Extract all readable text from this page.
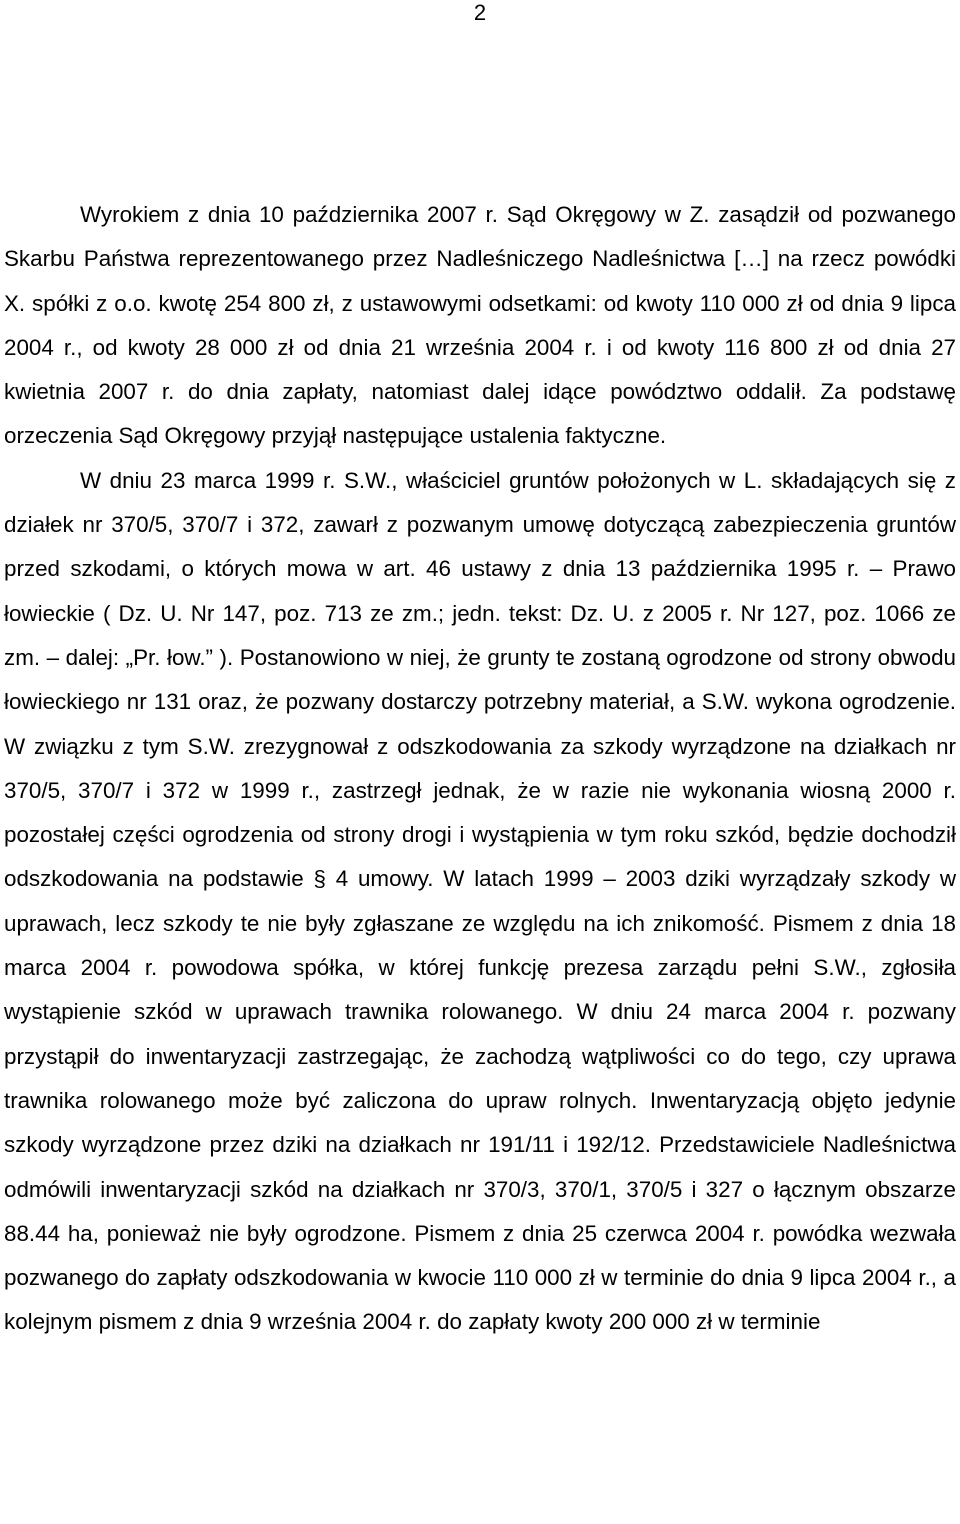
2

Wyrokiem z dnia 10 października 2007 r. Sąd Okręgowy w Z. zasądził od pozwanego Skarbu Państwa reprezentowanego przez Nadleśniczego Nadleśnictwa […] na rzecz powódki X. spółki z o.o. kwotę 254 800 zł, z ustawowymi odsetkami: od kwoty 110 000 zł od dnia 9 lipca 2004 r., od kwoty 28 000 zł od dnia 21 września 2004 r. i od kwoty 116 800 zł od dnia 27 kwietnia 2007 r. do dnia zapłaty, natomiast dalej idące powództwo oddalił. Za podstawę orzeczenia Sąd Okręgowy przyjął następujące ustalenia faktyczne.

W dniu 23 marca 1999 r. S.W., właściciel gruntów położonych w L. składających się z działek nr 370/5, 370/7 i 372, zawarł z pozwanym umowę dotyczącą zabezpieczenia gruntów przed szkodami, o których mowa w art. 46 ustawy z dnia 13 października 1995 r. – Prawo łowieckie ( Dz. U. Nr 147, poz. 713 ze zm.; jedn. tekst: Dz. U. z 2005 r. Nr 127, poz. 1066 ze zm. – dalej: „Pr. łow.” ). Postanowiono w niej, że grunty te zostaną ogrodzone od strony obwodu łowieckiego nr 131 oraz, że pozwany dostarczy potrzebny materiał, a S.W. wykona ogrodzenie. W związku z tym S.W. zrezygnował z odszkodowania za szkody wyrządzone na działkach nr 370/5, 370/7 i 372 w 1999 r., zastrzegł jednak, że w razie nie wykonania wiosną 2000 r. pozostałej części ogrodzenia od strony drogi i wystąpienia w tym roku szkód, będzie dochodził odszkodowania na podstawie § 4 umowy. W latach 1999 – 2003 dziki wyrządzały szkody w uprawach, lecz szkody te nie były zgłaszane ze względu na ich znikomość. Pismem z dnia 18 marca 2004 r. powodowa spółka, w której funkcję prezesa zarządu pełni S.W., zgłosiła wystąpienie szkód w uprawach trawnika rolowanego. W dniu 24 marca 2004 r. pozwany przystąpił do inwentaryzacji zastrzegając, że zachodzą wątpliwości co do tego, czy uprawa trawnika rolowanego może być zaliczona do upraw rolnych. Inwentaryzacją objęto jedynie szkody wyrządzone przez dziki na działkach nr 191/11 i 192/12. Przedstawiciele Nadleśnictwa odmówili inwentaryzacji szkód na działkach nr 370/3, 370/1, 370/5 i 327 o łącznym obszarze 88.44 ha, ponieważ nie były ogrodzone. Pismem z dnia 25 czerwca 2004 r. powódka wezwała pozwanego do zapłaty odszkodowania w kwocie 110 000 zł w terminie do dnia 9 lipca 2004 r., a kolejnym pismem z dnia 9 września 2004 r. do zapłaty kwoty 200 000 zł w terminie
